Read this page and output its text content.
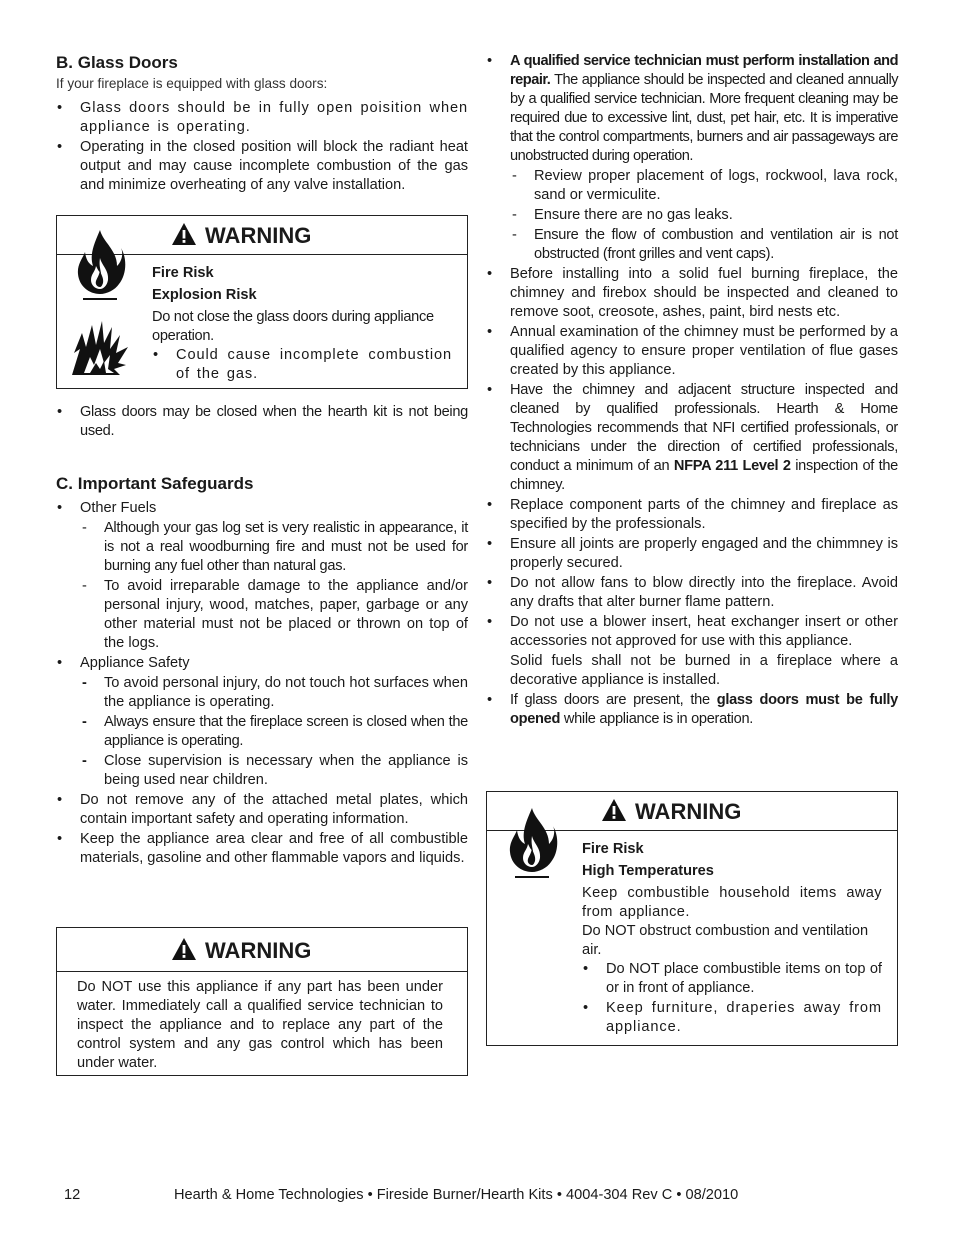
B. Glass Doors

If your fireplace is equipped with glass doors:

• Glass doors should be in fully open poisition when appliance is operating.
• Operating in the closed position will block the radiant heat output and may cause incomplete combustion of the gas and minimize overheating of any valve installation.
WARNING
Fire Risk
Explosion Risk
Do not close the glass doors during appliance operation.
• Could cause incomplete combustion of the gas.
• Glass doors may be closed when the hearth kit is not being used.
C. Important Safeguards
• Other Fuels
- Although your gas log set is very realistic in appearance, it is not a real woodburning fire and must not be used for burning any fuel other than natural gas.
- To avoid irreparable damage to the appliance and/or personal injury, wood, matches, paper, garbage or any other material must not be placed or thrown on top of the logs.
• Appliance Safety
- To avoid personal injury, do not touch hot surfaces when the appliance is operating.
- Always ensure that the fireplace screen is closed when the appliance is operating.
- Close supervision is necessary when the appliance is being used near children.
• Do not remove any of the attached metal plates, which contain important safety and operating information.
• Keep the appliance area clear and free of all combustible materials, gasoline and other flammable vapors and liquids.
WARNING
Do NOT use this appliance if any part has been under water. Immediately call a qualified service technician to inspect the appliance and to replace any part of the control system and any gas control which has been under water.
• A qualified service technician must perform installation and repair. The appliance should be inspected and cleaned annually by a qualified service technician. More frequent cleaning may be required due to excessive lint, dust, pet hair, etc. It is imperative that the control compartments, burners and air passageways are unobstructed during operation.
- Review proper placement of logs, rockwool, lava rock, sand or vermiculite.
- Ensure there are no gas leaks.
- Ensure the flow of combustion and ventilation air is not obstructed (front grilles and vent caps).
• Before installing into a solid fuel burning fireplace, the chimney and firebox should be inspected and cleaned to remove soot, creosote, ashes, paint, bird nests etc.
• Annual examination of the chimney must be performed by a qualified agency to ensure proper ventilation of flue gases created by this appliance.
• Have the chimney and adjacent structure inspected and cleaned by qualified professionals. Hearth & Home Technologies recommends that NFI certified professionals, or technicians under the direction of certified professionals, conduct a minimum of an NFPA 211 Level 2 inspection of the chimney.
• Replace component parts of the chimney and fireplace as specified by the professionals.
• Ensure all joints are properly engaged and the chimmney is properly secured.
• Do not allow fans to blow directly into the fireplace. Avoid any drafts that alter burner flame pattern.
• Do not use a blower insert, heat exchanger insert or other accessories not approved for use with this appliance.
Solid fuels shall not be burned in a fireplace where a decorative appliance is installed.
• If glass doors are present, the glass doors must be fully opened while appliance is in operation.
WARNING
Fire Risk
High Temperatures
Keep combustible household items away from appliance.
Do NOT obstruct combustion and ventilation air.
• Do NOT place combustible items on top of or in front of appliance.
• Keep furniture, draperies away from appliance.
12	Hearth & Home Technologies • Fireside Burner/Hearth Kits • 4004-304 Rev C • 08/2010
